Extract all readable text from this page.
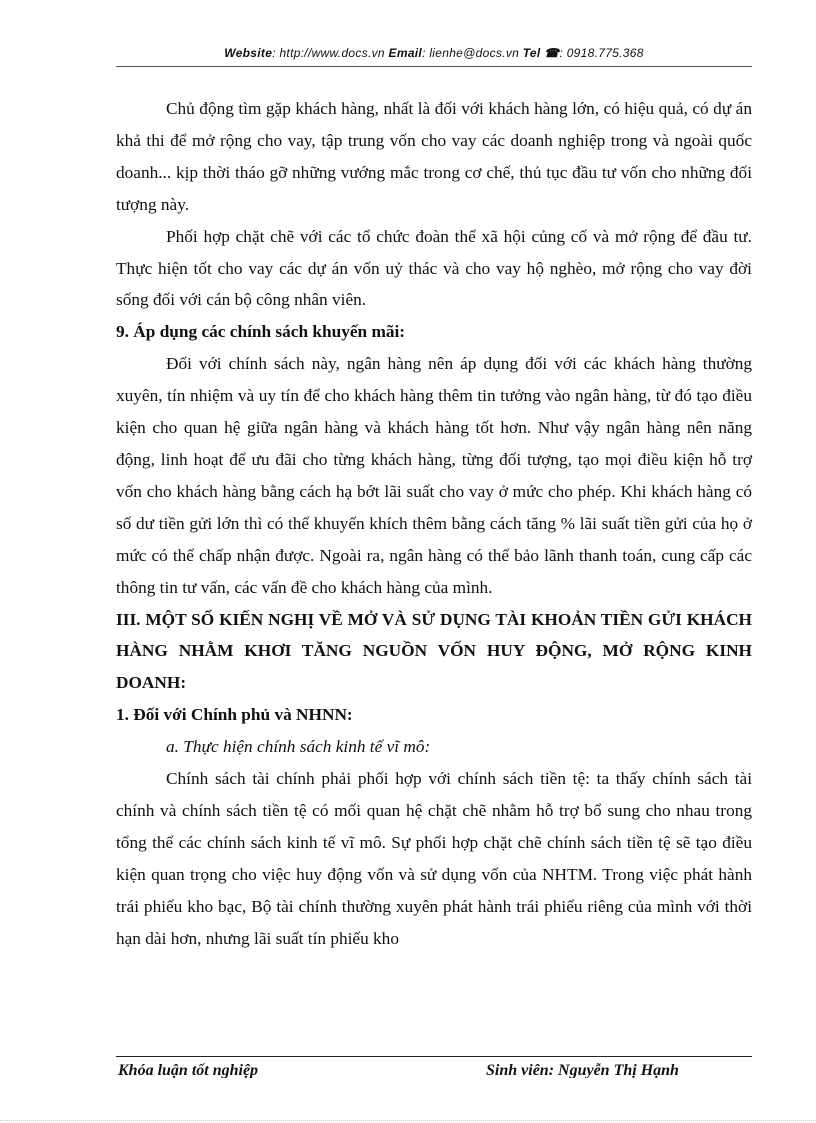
Website: http://www.docs.vn Email: lienhe@docs.vn Tel ☎: 0918.775.368

Chủ động tìm gặp khách hàng, nhất là đối với khách hàng lớn, có hiệu quả, có dự án khả thi để mở rộng cho vay, tập trung vốn cho vay các doanh nghiệp trong và ngoài quốc doanh... kịp thời tháo gỡ những vướng mắc trong cơ chế, thủ tục đầu tư vốn cho những đối tượng này.

Phối hợp chặt chẽ với các tổ chức đoàn thể xã hội củng cố và mở rộng để đầu tư. Thực hiện tốt cho vay các dự án vốn uỷ thác và cho vay hộ nghèo, mở rộng cho vay đời sống đối với cán bộ công nhân viên.

9. Áp dụng các chính sách khuyến mãi:

Đối với chính sách này, ngân hàng nên áp dụng đối với các khách hàng thường xuyên, tín nhiệm và uy tín để cho khách hàng thêm tin tưởng vào ngân hàng, từ đó tạo điều kiện cho quan hệ giữa ngân hàng và khách hàng tốt hơn. Như vậy ngân hàng nên năng động, linh hoạt để ưu đãi cho từng khách hàng, từng đối tượng, tạo mọi điều kiện hỗ trợ vốn cho khách hàng bằng cách hạ bớt lãi suất cho vay ở mức cho phép. Khi khách hàng có số dư tiền gửi lớn thì có thể khuyến khích thêm bằng cách tăng % lãi suất tiền gửi của họ ở mức có thể chấp nhận được. Ngoài ra, ngân hàng có thể bảo lãnh thanh toán, cung cấp các thông tin tư vấn, các vấn đề cho khách hàng của mình.

III. MỘT SỐ KIẾN NGHỊ VỀ MỞ VÀ SỬ DỤNG TÀI KHOẢN TIỀN GỬI KHÁCH HÀNG NHẰM KHƠI TĂNG NGUỒN VỐN HUY ĐỘNG, MỞ RỘNG KINH DOANH:
1. Đối với Chính phủ và NHNN:
a. Thực hiện chính sách kinh tế vĩ mô:

Chính sách tài chính phải phối hợp với chính sách tiền tệ: ta thấy chính sách tài chính và chính sách tiền tệ có mối quan hệ chặt chẽ nhằm hỗ trợ bổ sung cho nhau trong tổng thể các chính sách kinh tế vĩ mô. Sự phối hợp chặt chẽ chính sách tiền tệ sẽ tạo điều kiện quan trọng cho việc huy động vốn và sử dụng vốn của NHTM. Trong việc phát hành trái phiếu kho bạc, Bộ tài chính thường xuyên phát hành trái phiếu riêng của mình với thời hạn dài hơn, nhưng lãi suất tín phiếu kho

Khóa luận tốt nghiệp	Sinh viên: Nguyễn Thị Hạnh
